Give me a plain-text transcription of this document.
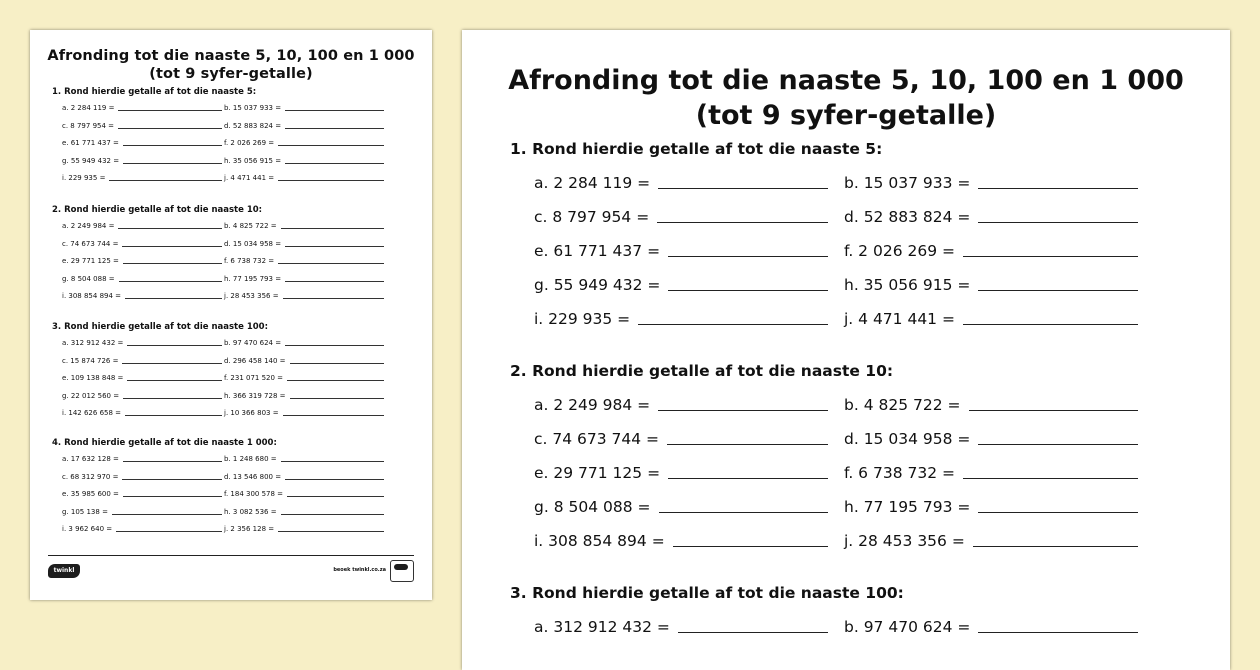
Afronding tot die naaste 5, 10, 100 en 1 000
(tot 9 syfer-getalle)
1. Rond hierdie getalle af tot die naaste 5:
a. 2 284 119 =	b. 15 037 933 =
c. 8 797 954 =	d. 52 883 824 =
e. 61 771 437 =	f. 2 026 269 =
g. 55 949 432 =	h. 35 056 915 =
i. 229 935 =	j. 4 471 441 =
2. Rond hierdie getalle af tot die naaste 10:
a. 2 249 984 =	b. 4 825 722 =
c. 74 673 744 =	d. 15 034 958 =
e. 29 771 125 =	f. 6 738 732 =
g. 8 504 088 =	h. 77 195 793 =
i. 308 854 894 =	j. 28 453 356 =
3. Rond hierdie getalle af tot die naaste 100:
a. 312 912 432 =	b. 97 470 624 =
c. 15 874 726 =	d. 296 458 140 =
e. 109 138 848 =	f. 231 071 520 =
g. 22 012 560 =	h. 366 319 728 =
i. 142 626 658 =	j. 10 366 803 =
4. Rond hierdie getalle af tot die naaste 1 000:
a. 17 632 128 =	b. 1 248 680 =
c. 68 312 970 =	d. 13 546 800 =
e. 35 985 600 =	f. 184 300 578 =
g. 105 138 =	h. 3 082 536 =
i. 3 962 640 =	j. 2 356 128 =
twinkl	beoek twinkl.co.za
Afronding tot die naaste 5, 10, 100 en 1 000
(tot 9 syfer-getalle)
1. Rond hierdie getalle af tot die naaste 5:
a. 2 284 119 =	b. 15 037 933 =
c. 8 797 954 =	d. 52 883 824 =
e. 61 771 437 =	f. 2 026 269 =
g. 55 949 432 =	h. 35 056 915 =
i. 229 935 =	j. 4 471 441 =
2. Rond hierdie getalle af tot die naaste 10:
a. 2 249 984 =	b. 4 825 722 =
c. 74 673 744 =	d. 15 034 958 =
e. 29 771 125 =	f. 6 738 732 =
g. 8 504 088 =	h. 77 195 793 =
i. 308 854 894 =	j. 28 453 356 =
3. Rond hierdie getalle af tot die naaste 100:
a. 312 912 432 =	b. 97 470 624 =
